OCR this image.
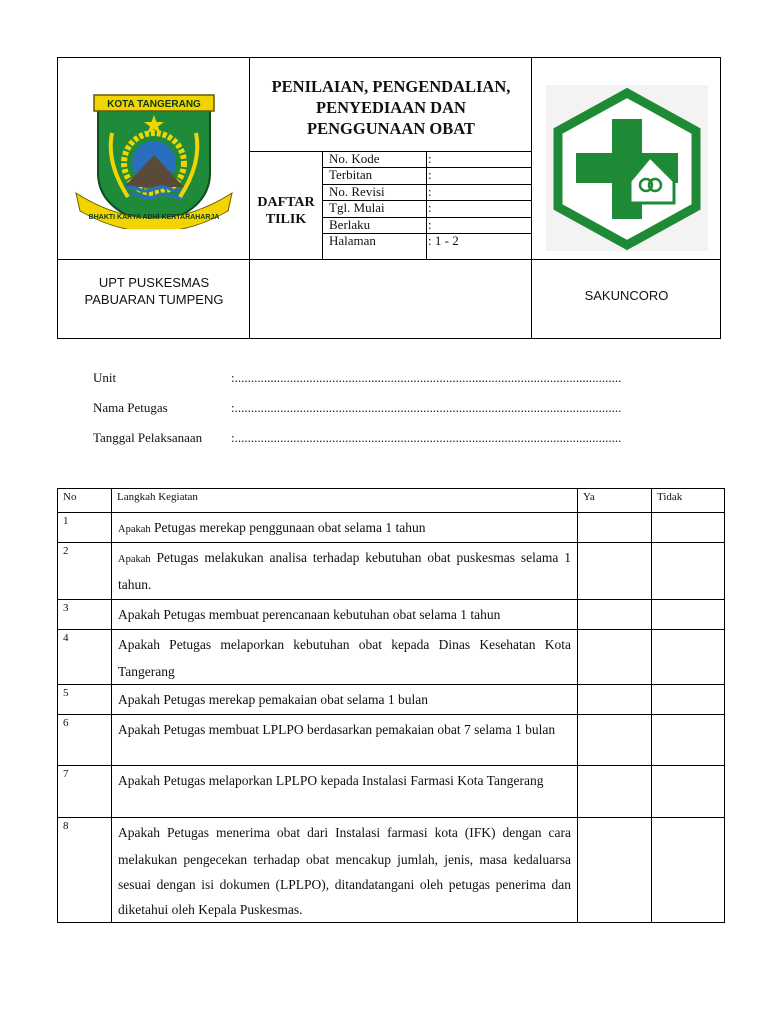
KOTA TANGERANG
BHAKTI KARYA ADHI KERTARAHARJA
PENILAIAN, PENGENDALIAN,
PENYEDIAAN DAN
PENGGUNAAN OBAT
DAFTAR
TILIK
No. Kode	:
Terbitan	:
No. Revisi	:
Tgl. Mulai	:
Berlaku	:
Halaman	: 1 - 2
UPT PUSKESMAS
PABUARAN TUMPENG	SAKUNCORO
Unit	:.......................................................................................................................
Nama Petugas	:.......................................................................................................................
Tanggal Pelaksanaan :.......................................................................................................................
No	Langkah Kegiatan	Ya	Tidak
1	Apakah Petugas merekap penggunaan obat selama 1 tahun		
2	Apakah Petugas melakukan analisa terhadap kebutuhan obat puskesmas selama 1 tahun.		
3	Apakah Petugas membuat perencanaan kebutuhan obat selama 1 tahun		
4	Apakah Petugas melaporkan kebutuhan obat kepada Dinas Kesehatan Kota Tangerang		
5	Apakah Petugas merekap pemakaian obat selama 1 bulan		
6	Apakah Petugas membuat LPLPO berdasarkan pemakaian obat 7 selama 1 bulan		
7	Apakah Petugas melaporkan LPLPO kepada Instalasi Farmasi Kota Tangerang		
8	Apakah Petugas menerima obat dari Instalasi farmasi kota (IFK) dengan cara melakukan pengecekan terhadap obat mencakup jumlah, jenis, masa kedaluarsa sesuai dengan isi dokumen (LPLPO), ditandatangani oleh petugas penerima dan diketahui oleh Kepala Puskesmas.		
